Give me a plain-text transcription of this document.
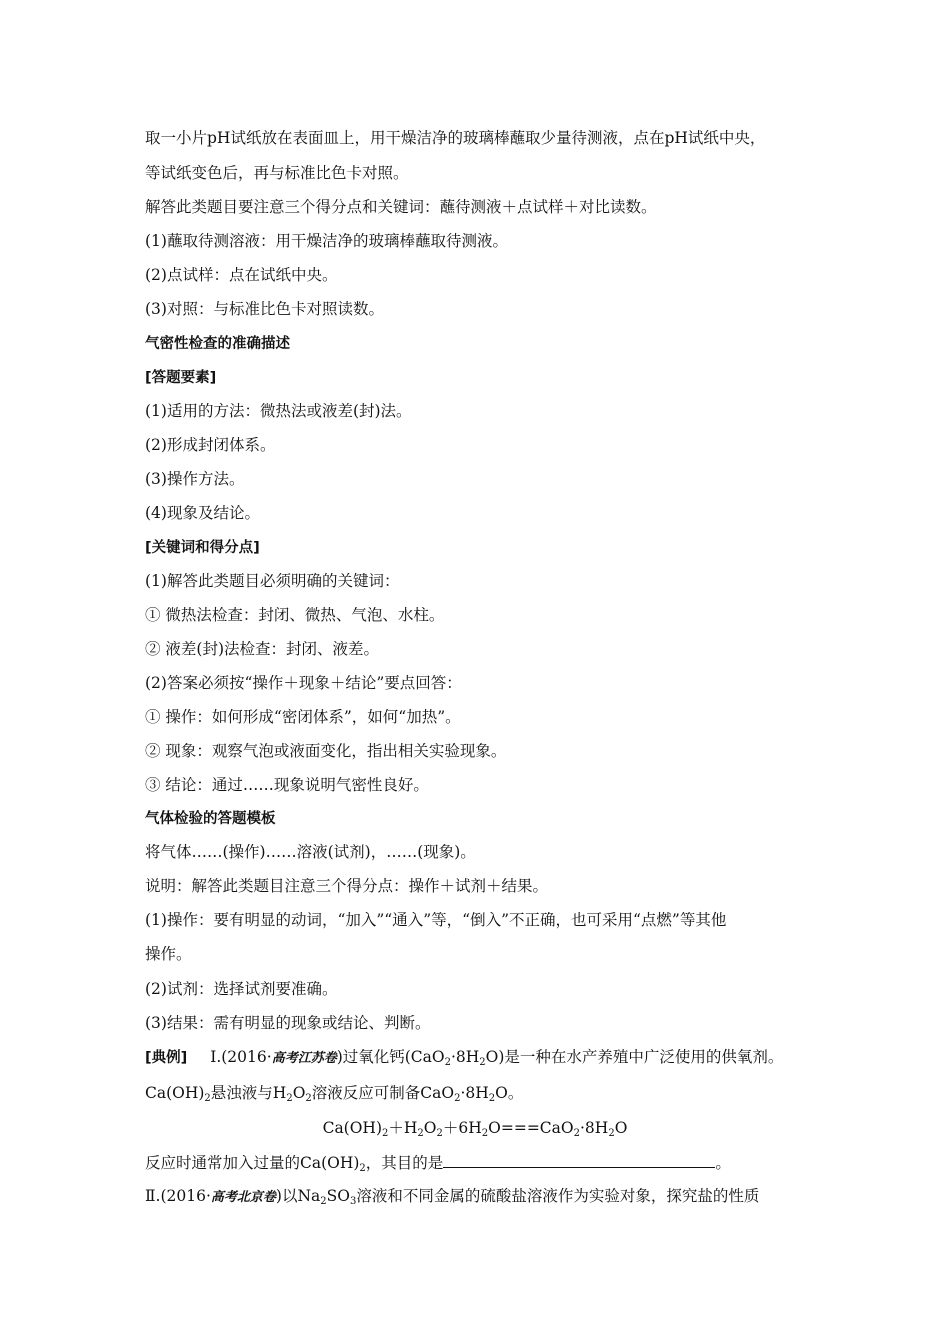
取一小片pH试纸放在表面皿上，用干燥洁净的玻璃棒蘸取少量待测液，点在pH试纸中央，
等试纸变色后，再与标准比色卡对照。
解答此类题目要注意三个得分点和关键词：蘸待测液＋点试样＋对比读数。
(1)蘸取待测溶液：用干燥洁净的玻璃棒蘸取待测液。
(2)点试样：点在试纸中央。
(3)对照：与标准比色卡对照读数。
气密性检查的准确描述
[答题要素]
(1)适用的方法：微热法或液差(封)法。
(2)形成封闭体系。
(3)操作方法。
(4)现象及结论。
[关键词和得分点]
(1)解答此类题目必须明确的关键词：
① 微热法检查：封闭、微热、气泡、水柱。
② 液差(封)法检查：封闭、液差。
(2)答案必须按“操作＋现象＋结论”要点回答：
① 操作：如何形成“密闭体系”，如何“加热”。
② 现象：观察气泡或液面变化，指出相关实验现象。
③ 结论：通过……现象说明气密性良好。
气体检验的答题模板
将气体……(操作)……溶液(试剂)，……(现象)。
说明：解答此类题目注意三个得分点：操作＋试剂＋结果。
(1)操作：要有明显的动词，“加入”“通入”等，“倒入”不正确，也可采用“点燃”等其他
操作。
(2)试剂：选择试剂要准确。
(3)结果：需有明显的现象或结论、判断。
[典例] Ⅰ.(2016·高考江苏卷)过氧化钙$(CaO_2\cdot 8H_2O)$是一种在水产养殖中广泛使用的供氧剂。
$Ca(OH)_2$悬浊液与$H_2O_2$溶液反应可制备$CaO_2\cdot 8H_2O$。
$Ca(OH)_2+H_2O_2+6H_2O===CaO_2\cdot 8H_2O$
反应时通常加入过量的$Ca(OH)_2$，其目的是	。
Ⅱ.(2016·高考北京卷)以$Na_2SO_3$溶液和不同金属的硫酸盐溶液作为实验对象，探究盐的性质
